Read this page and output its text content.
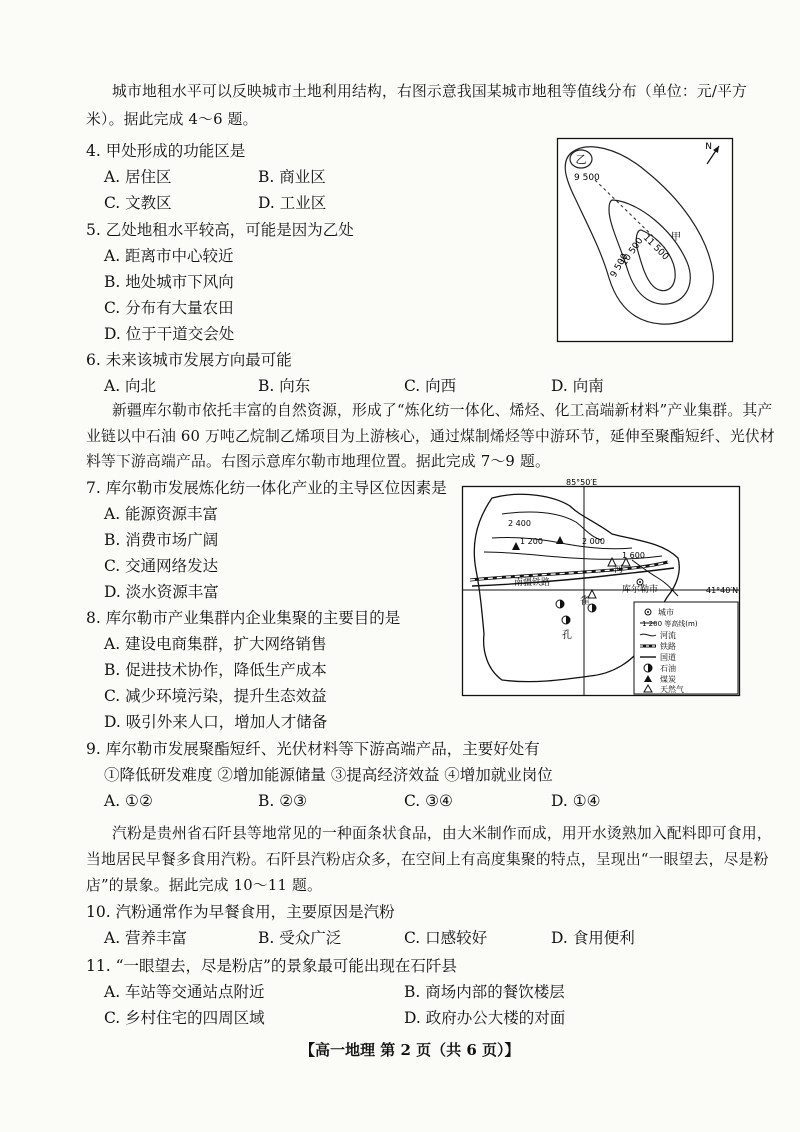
城市地租水平可以反映城市土地利用结构，右图示意我国某城市地租等值线分布（单位：元/平方
米）。据此完成 4～6 题。
4. 甲处形成的功能区是
A. 居住区	B. 商业区
C. 文教区	D. 工业区
5. 乙处地租水平较高，可能是因为乙处
A. 距离市中心较近
B. 地处城市下风向
C. 分布有大量农田
D. 位于干道交会处
6. 未来该城市发展方向最可能
A. 向北	B. 向东	C. 向西	D. 向南
N
乙
甲
9 500
11 500
10 500
9 500
新疆库尔勒市依托丰富的自然资源，形成了“炼化纺一体化、烯烃、化工高端新材料”产业集群。其产
业链以中石油 60 万吨乙烷制乙烯项目为上游核心，通过煤制烯烃等中游环节，延伸至聚酯短纤、光伏材
料等下游高端产品。右图示意库尔勒市地理位置。据此完成 7～9 题。
7. 库尔勒市发展炼化纺一体化产业的主导区位因素是
A. 能源资源丰富
B. 消费市场广阔
C. 交通网络发达
D. 淡水资源丰富
8. 库尔勒市产业集群内企业集聚的主要目的是
A. 建设电商集群，扩大网络销售
B. 促进技术协作，降低生产成本
C. 减少环境污染，提升生态效益
D. 吸引外来人口，增加人才储备
2 400
1 200	2 000
1 600
南疆铁路
河
库尔勒市
85°50′E
41°40′N
雀
孔
城市
1 200 等高线(m)
河流
铁路
国道
石油
煤炭
天然气
9. 库尔勒市发展聚酯短纤、光伏材料等下游高端产品，主要好处有
①降低研发难度 ②增加能源储量 ③提高经济效益 ④增加就业岗位
A. ①②	B. ②③	C. ③④	D. ①④
汽粉是贵州省石阡县等地常见的一种面条状食品，由大米制作而成，用开水烫熟加入配料即可食用，
当地居民早餐多食用汽粉。石阡县汽粉店众多，在空间上有高度集聚的特点，呈现出“一眼望去，尽是粉
店”的景象。据此完成 10～11 题。
10. 汽粉通常作为早餐食用，主要原因是汽粉
A. 营养丰富	B. 受众广泛	C. 口感较好	D. 食用便利
11. “一眼望去，尽是粉店”的景象最可能出现在石阡县
A. 车站等交通站点附近	B. 商场内部的餐饮楼层
C. 乡村住宅的四周区域	D. 政府办公大楼的对面
【高一地理 第 2 页（共 6 页）】
